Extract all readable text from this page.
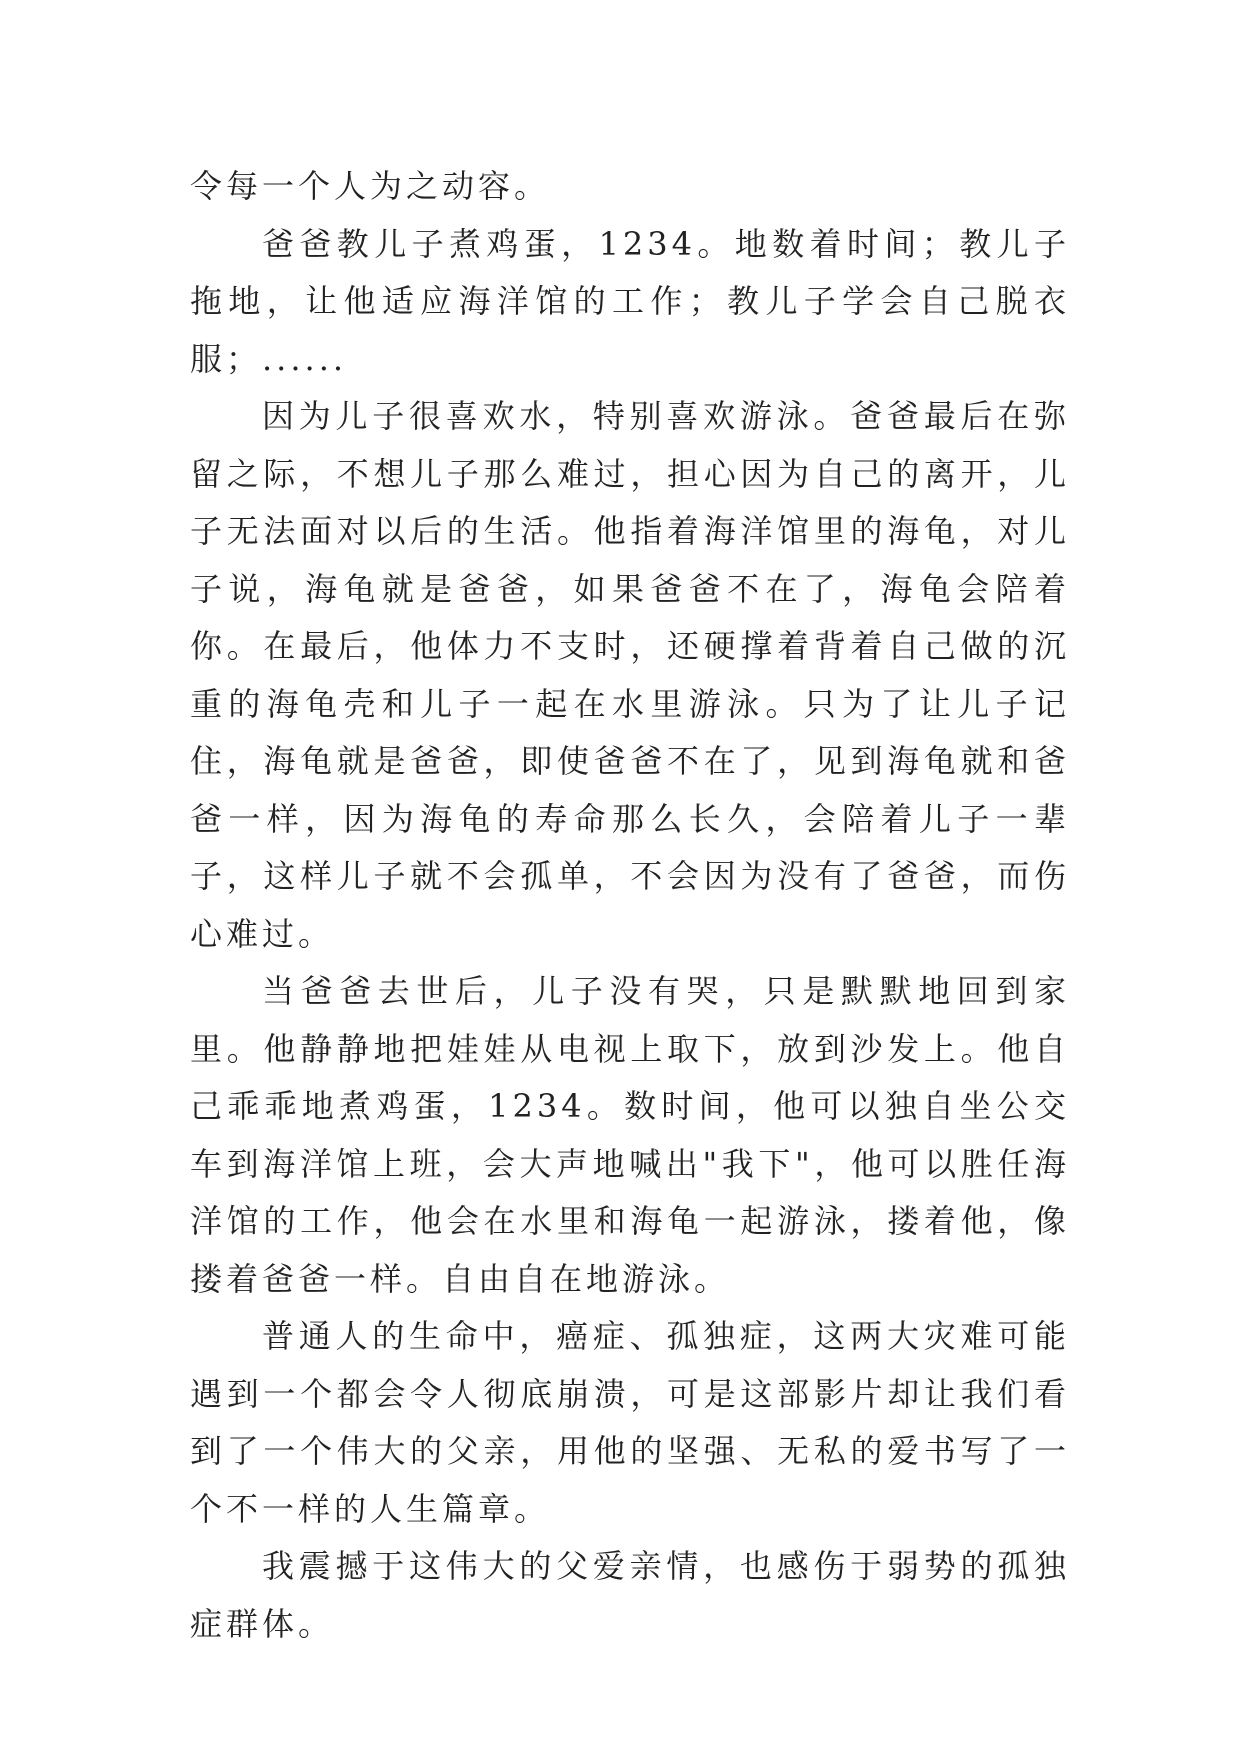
令每一个人为之动容。

爸爸教儿子煮鸡蛋，1234。地数着时间；教儿子拖地，让他适应海洋馆的工作；教儿子学会自己脱衣服；......

因为儿子很喜欢水，特别喜欢游泳。爸爸最后在弥留之际，不想儿子那么难过，担心因为自己的离开，儿子无法面对以后的生活。他指着海洋馆里的海龟，对儿子说，海龟就是爸爸，如果爸爸不在了，海龟会陪着你。在最后，他体力不支时，还硬撑着背着自己做的沉重的海龟壳和儿子一起在水里游泳。只为了让儿子记住，海龟就是爸爸，即使爸爸不在了，见到海龟就和爸爸一样，因为海龟的寿命那么长久，会陪着儿子一辈子，这样儿子就不会孤单，不会因为没有了爸爸，而伤心难过。

当爸爸去世后，儿子没有哭，只是默默地回到家里。他静静地把娃娃从电视上取下，放到沙发上。他自己乖乖地煮鸡蛋，1234。数时间，他可以独自坐公交车到海洋馆上班，会大声地喊出"我下"，他可以胜任海洋馆的工作，他会在水里和海龟一起游泳，搂着他，像搂着爸爸一样。自由自在地游泳。

普通人的生命中，癌症、孤独症，这两大灾难可能遇到一个都会令人彻底崩溃，可是这部影片却让我们看到了一个伟大的父亲，用他的坚强、无私的爱书写了一个不一样的人生篇章。

我震撼于这伟大的父爱亲情，也感伤于弱势的孤独症群体。
